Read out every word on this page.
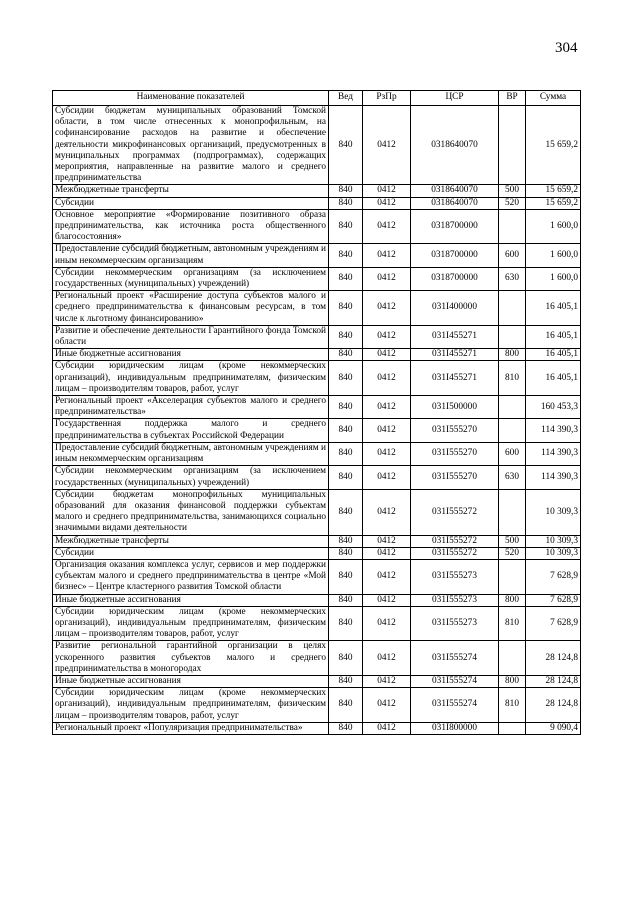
304
Наименование показателей	Вед	РзПр	ЦСР	ВР	Сумма
Субсидии бюджетам муниципальных образований Томской области, в том числе отнесенных к монопрофильным, на софинансирование расходов на развитие и обеспечение деятельности микрофинансовых организаций, предусмотренных в муниципальных программах (подпрограммах), содержащих мероприятия, направленные на развитие малого и среднего предпринимательства	840	0412	0318640070		15 659,2
Межбюджетные трансферты	840	0412	0318640070	500	15 659,2
Субсидии	840	0412	0318640070	520	15 659,2
Основное мероприятие «Формирование позитивного образа предпринимательства, как источника роста общественного благосостояния»	840	0412	0318700000		1 600,0
Предоставление субсидий бюджетным, автономным учреждениям и иным некоммерческим организациям	840	0412	0318700000	600	1 600,0
Субсидии некоммерческим организациям (за исключением государственных (муниципальных) учреждений)	840	0412	0318700000	630	1 600,0
Региональный проект «Расширение доступа субъектов малого и среднего предпринимательства к финансовым ресурсам, в том числе к льготному финансированию»	840	0412	031I400000		16 405,1
Развитие и обеспечение деятельности Гарантийного фонда Томской области	840	0412	031I455271		16 405,1
Иные бюджетные ассигнования	840	0412	031I455271	800	16 405,1
Субсидии юридическим лицам (кроме некоммерческих организаций), индивидуальным предпринимателям, физическим лицам – производителям товаров, работ, услуг	840	0412	031I455271	810	16 405,1
Региональный проект «Акселерация субъектов малого и среднего предпринимательства»	840	0412	031I500000		160 453,3
Государственная поддержка малого и среднего предпринимательства в субъектах Российской Федерации	840	0412	031I555270		114 390,3
Предоставление субсидий бюджетным, автономным учреждениям и иным некоммерческим организациям	840	0412	031I555270	600	114 390,3
Субсидии некоммерческим организациям (за исключением государственных (муниципальных) учреждений)	840	0412	031I555270	630	114 390,3
Субсидии бюджетам монопрофильных муниципальных образований для оказания финансовой поддержки субъектам малого и среднего предпринимательства, занимающихся социально значимыми видами деятельности	840	0412	031I555272		10 309,3
Межбюджетные трансферты	840	0412	031I555272	500	10 309,3
Субсидии	840	0412	031I555272	520	10 309,3
Организация оказания комплекса услуг, сервисов и мер поддержки субъектам малого и среднего предпринимательства в центре «Мой бизнес» – Центре кластерного развития Томской области	840	0412	031I555273		7 628,9
Иные бюджетные ассигнования	840	0412	031I555273	800	7 628,9
Субсидии юридическим лицам (кроме некоммерческих организаций), индивидуальным предпринимателям, физическим лицам – производителям товаров, работ, услуг	840	0412	031I555273	810	7 628,9
Развитие региональной гарантийной организации в целях ускоренного развития субъектов малого и среднего предпринимательства в моногородах	840	0412	031I555274		28 124,8
Иные бюджетные ассигнования	840	0412	031I555274	800	28 124,8
Субсидии юридическим лицам (кроме некоммерческих организаций), индивидуальным предпринимателям, физическим лицам – производителям товаров, работ, услуг	840	0412	031I555274	810	28 124,8
Региональный проект «Популяризация предпринимательства»	840	0412	031I800000		9 090,4
